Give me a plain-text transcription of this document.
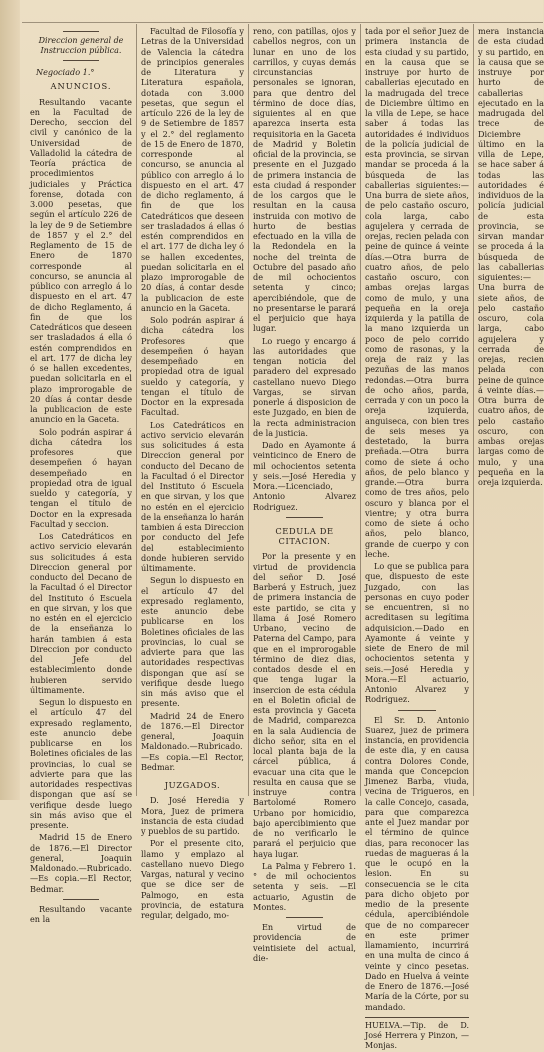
Direccion general de Instruccion pública.

Negociado 1.°

ANUNCIOS.

Resultando vacante en la Facultad de Derecho, seccion del civil y canónico de la Universidad de Valladolid la cátedra de Teoría práctica de procedimientos judiciales y Práctica forense, dotada con 3.000 pesetas, que según el artículo 226 de la ley de 9 de Setiembre de 1857 y el 2.° del Reglamento de 15 de Enero de 1870 corresponde al concurso, se anuncia al público con arreglo á lo dispuesto en el art. 47 de dicho Reglamento, á fin de que los Catedráticos que deseen ser trasladados á ella ó estén comprendidos en el art. 177 de dicha ley ó se hallen excedentes, puedan solicitarla en el plazo improrogable de 20 días á contar desde la publicacion de este anuncio en la Gaceta.

Solo podrán aspirar á dicha cátedra los profesores que desempeñen ó hayan desempeñado en propiedad otra de igual sueldo y categoría, y tengan el título de Doctor en la expresada Facultad y seccion.

Los Catedráticos en activo servicio elevarán sus solicitudes á esta Direccion general por conducto del Decano de la Facultad ó el Director del Instituto ó Escuela en que sirvan, y los que no estén en el ejercicio de la enseñanza lo harán tambien á esta Direccion por conducto del Jefe del establecimiento donde hubieren servido últimamente.

Segun lo dispuesto en el artículo 47 del expresado reglamento, este anuncio debe publicarse en los Boletines oficiales de las provincias, lo cual se advierte para que las autoridades respectivas dispongan que así se verifique desde luego sin más aviso que el presente.

Madrid 15 de Enero de 1876.—El Director general, Joaquin Maldonado.—Rubricado.—Es copia.—El Rector, Bedmar.

Resultando vacante en la

Facultad de Filosofía y Letras de la Universidad de Valencia la cátedra de principios generales de Literatura y Literatura española, dotada con 3.000 pesetas, que segun el artículo 226 de la ley de 9 de Setiembre de 1857 y el 2.° del reglamento de 15 de Enero de 1870, corresponde al concurso, se anuncia al público con arreglo á lo dispuesto en el art. 47 de dicho reglamento, á fin de que los Catedráticos que deseen ser trasladados á ellas ó estén comprendidos en el art. 177 de dicha ley ó se hallen excedentes, puedan solicitarla en el plazo improrogable de 20 días, á contar desde la publicacion de este anuncio en la Gaceta.

Solo podrán aspirar á dicha cátedra los Profesores que desempeñen ó hayan desempeñado en propiedad otra de igual sueldo y categoría, y tengan el título de Doctor en la expresada Facultad.

Los Catedráticos en activo servicio elevarán sus solicitudes á esta Direccion general por conducto del Decano de la Facultad ó el Director del Instituto ó Escuela en que sirvan, y los que no estén en el ejercicio de la enseñanza lo harán tambien á esta Direccion por conducto del Jefe del establecimiento donde hubieren servido últimamente.

Segun lo dispuesto en el artículo 47 del expresado reglamento, este anuncio debe publicarse en los Boletines oficiales de las provincias, lo cual se advierte para que las autoridades respectivas dispongan que así se verifique desde luego sin más aviso que el presente.

Madrid 24 de Enero de 1876.—El Director general, Joaquin Maldonado.—Rubricado.—Es copia.—El Rector, Bedmar.

JUZGADOS.

D. José Heredia y Mora, Juez de primera instancia de esta ciudad y pueblos de su partido.

Por el presente cito, llamo y emplazo al castellano nuevo Diego Vargas, natural y vecino que se dice ser de Palmogo, en esta provincia, de estatura regular, delgado, mo-

reno, con patillas, ojos y cabellos negros, con un lunar en uno de los carrillos, y cuyas demás circunstancias personales se ignoran, para que dentro del término de doce días, siguientes al en que aparezca inserta esta requisitoria en la Gaceta de Madrid y Boletin oficial de la provincia, se presente en el Juzgado de primera instancia de esta ciudad á responder de los cargos que le resultan en la causa instruida con motivo de hurto de bestias efectuado en la villa de la Redondela en la noche del treinta de Octubre del pasado año de mil ochocientos setenta y cinco; apercibiéndole, que de no presentarse le parará el perjuicio que haya lugar.

Lo ruego y encargo á las autoridades que tengan noticia del paradero del expresado castellano nuevo Diego Vargas, se sirvan ponerle á disposicion de este Juzgado, en bien de la recta administracion de la justicia.

Dado en Ayamonte á veinticinco de Enero de mil ochocientos setenta y seis.—José Heredia y Mora.—Licenciado, Antonio Alvarez Rodriguez.

CEDULA DE CITACION.

Por la presente y en virtud de providencia del señor D. José Barberá y Estruch, juez de primera instancia de este partido, se cita y llama á José Romero Urbano, vecino de Paterna del Campo, para que en el improrogable término de diez dias, contados desde el en que tenga lugar la insercion de esta cédula en el Boletin oficial de esta provincia y Gaceta de Madrid, comparezca en la sala Audiencia de dicho señor, sita en el local planta baja de la cárcel pública, á evacuar una cita que le resulta en causa que se instruye contra Bartolomé Romero Urbano por homicidio, bajo apercibimiento que de no verificarlo le parará el perjuicio que haya lugar.

La Palma y Febrero 1.° de mil ochocientos setenta y seis. —El actuario, Agustin de Montes.

En virtud de providencia de veintisiete del actual, die-

tada por el señor Juez de primera instancia de esta ciudad y su partido, en la causa que se instruye por hurto de caballerias ejecutado en la madrugada del trece de Diciembre último en la villa de Lepe, se hace saber á todas las autoridades é individuos de la policía judicial de esta provincia, se sirvan mandar se proceda á la búsqueda de las caballerias siguientes:—Una burra de siete años, de pelo castaño oscuro, cola larga, cabo agujelera y cerrada de orejas, recien pelada con peine de quince á veinte días.—Otra burra de cuatro años, de pelo castaño oscuro, con ambas orejas largas como de mulo, y una pequeña en la oreja izquierda y la patilla de la mano izquierda un poco de pelo corrido como de rasonas, y la oreja de raiz y las pezuñas de las manos redondas.—Otra burra de ocho años, parda, cerrada y con un poco la oreja izquierda, anguiseca, con bien tres de seis meses ya destetado, la burra preñada.—Otra burra como de siete á ocho años, de pelo blanco y grande.—Otra burra como de tres años, pelo oscuro y blanca por el vientre; y otra burra como de siete á ocho años, pelo blanco, grande de cuerpo y con leche.

Lo que se publica para que, dispuesto de este Juzgado, con las personas en cuyo poder se encuentren, si no acreditasen su legítima adquisicion.—Dado en Ayamonte á veinte y siete de Enero de mil ochocientos setenta y seis.—José Heredia y Mora.—El actuario, Antonio Alvarez y Rodriguez.

El Sr. D. Antonio Suarez, juez de primera instancia, en providencia de este dia, y en causa contra Dolores Conde, manda que Concepcion Jimenez Barba, viuda, vecina de Trigueros, en la calle Concejo, casada, para que comparezca ante el Juez mandar por el término de quince dias, para reconocer las ruedas de magueras á la que le ocupó en la lesion. En su consecuencia se le cita para dicho objeto por medio de la presente cédula, apercibiéndole que de no comparecer en este primer llamamiento, incurrirá en una multa de cinco á veinte y cinco pesetas. Dado en Huelva á veinte de Enero de 1876.—José María de la Córte, por su mandado.

HUELVA.—Tip. de D. José Herrera y Pinzon, —Monjas.

mera instancia de esta ciudad y su partido, en la causa que se instruye por hurto de caballerias ejecutado en la madrugada del trece de Diciembre último en la villa de Lepe, se hace saber á todas las autoridades é individuos de la policía judicial de esta provincia, se sirvan mandar se proceda á la búsqueda de las caballerias siguientes:—Una burra de siete años, de pelo castaño oscuro, cola larga, cabo agujelera y cerrada de orejas, recien pelada con peine de quince á veinte días.—Otra burra de cuatro años, de pelo castaño oscuro, con ambas orejas largas como de mulo, y una pequeña en la oreja izquierda.
